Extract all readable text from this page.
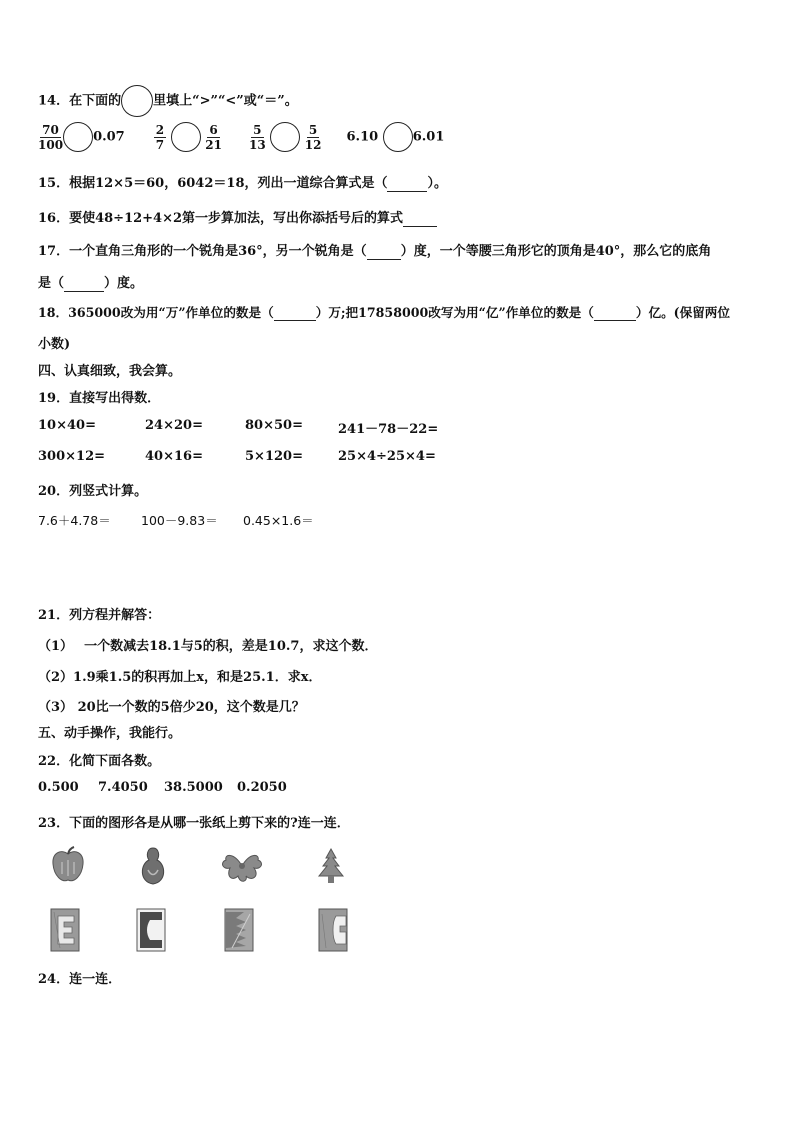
14．在下面的 里填上“>”“<”或“＝”。
$\frac{70}{100} 0.07 \frac{2}{7}$
	$\frac{6}{21}$
$\frac{5}{13}$
	$\frac{5}{12} 6.10$	6.01
15．根据12×5＝60，6042＝18，列出一道综合算式是（	）。
16．要使48÷12+4×2第一步算加法，写出你添括号后的算式
17．一个直角三角形的一个锐角是36°，另一个锐角是（	）度，一个等腰三角形它的顶角是40°，那么它的底角
是（	）度。
18．365000改为用“万”作单位的数是（	）万;把17858000改写为用“亿”作单位的数是（	）亿。(保留两位
小数)
四、认真细致，我会算。
19．直接写出得数．
10×40=	24×20=	80×50=	241－78－22=
300×12=	40×16=	5×120=	25×4÷25×4=
20．列竖式计算。
7.6＋4.78＝ 100－9.83＝ 0.45×1.6＝
21．列方程并解答：
（1）　 一个数减去18.1与5的积，差是10.7，求这个数．
（2）1.9乘1.5的积再加上x，和是25.1．求x．
（3） 20比一个数的5倍少20，这个数是几？
五、动手操作，我能行。
22．化简下面各数。
0.500 7.4050 38.5000 0.2050
23．下面的图形各是从哪一张纸上剪下来的?连一连．
24．连一连．
